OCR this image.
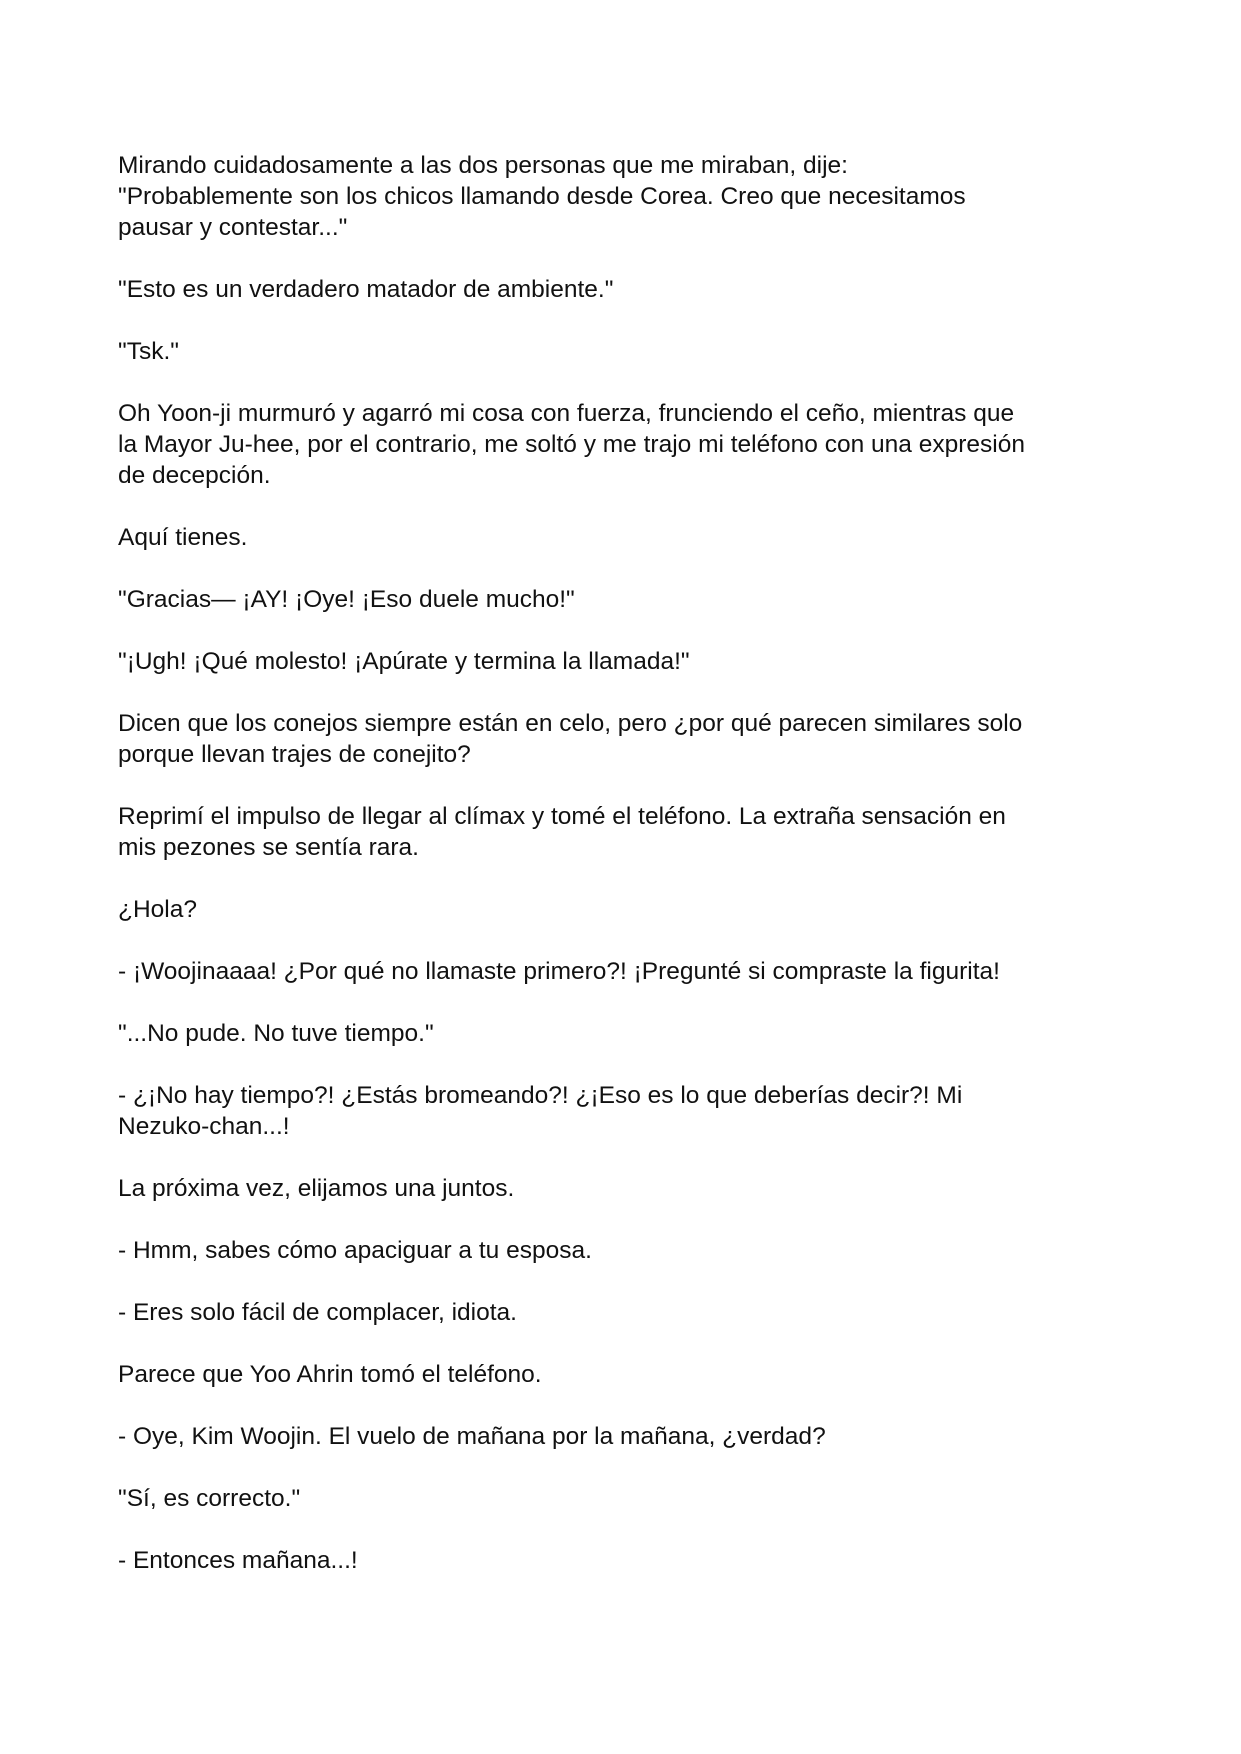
Mirando cuidadosamente a las dos personas que me miraban, dije:
"Probablemente son los chicos llamando desde Corea. Creo que necesitamos
pausar y contestar..."

"Esto es un verdadero matador de ambiente."

"Tsk."

Oh Yoon-ji murmuró y agarró mi cosa con fuerza, frunciendo el ceño, mientras que
la Mayor Ju-hee, por el contrario, me soltó y me trajo mi teléfono con una expresión
de decepción.

Aquí tienes.

"Gracias— ¡AY! ¡Oye! ¡Eso duele mucho!"

"¡Ugh! ¡Qué molesto! ¡Apúrate y termina la llamada!"

Dicen que los conejos siempre están en celo, pero ¿por qué parecen similares solo
porque llevan trajes de conejito?

Reprimí el impulso de llegar al clímax y tomé el teléfono. La extraña sensación en
mis pezones se sentía rara.

¿Hola?

- ¡Woojinaaaa! ¿Por qué no llamaste primero?! ¡Pregunté si compraste la figurita!

"...No pude. No tuve tiempo."

- ¿¡No hay tiempo?! ¿Estás bromeando?! ¿¡Eso es lo que deberías decir?! Mi
Nezuko-chan...!

La próxima vez, elijamos una juntos.

- Hmm, sabes cómo apaciguar a tu esposa.

- Eres solo fácil de complacer, idiota.

Parece que Yoo Ahrin tomó el teléfono.

- Oye, Kim Woojin. El vuelo de mañana por la mañana, ¿verdad?

"Sí, es correcto."

- Entonces mañana...!
